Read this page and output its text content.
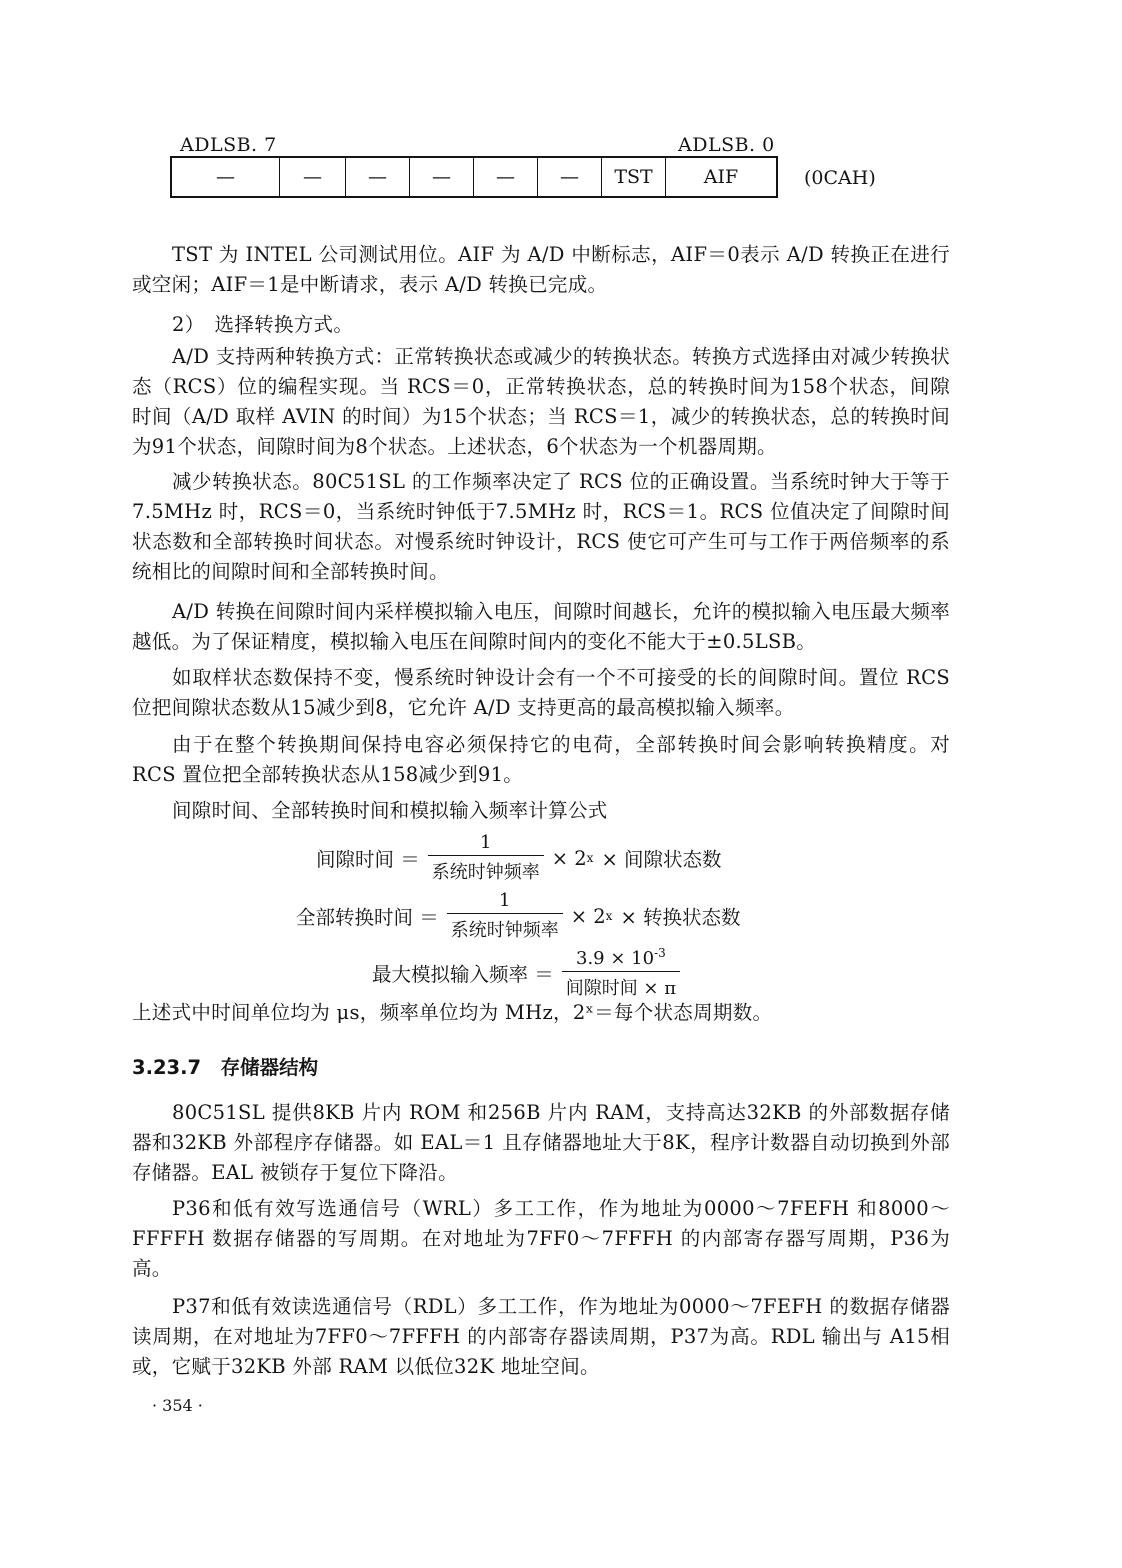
ADLSB. 7	ADLSB. 0
—	—	—	—	—	—	TST	AIF	(0CAH)
TST 为 INTEL 公司测试用位。AIF 为 A/D 中断标志，AIF＝0表示 A/D 转换正在进行或空闲；AIF＝1是中断请求，表示 A/D 转换已完成。
2）　选择转换方式。
A/D 支持两种转换方式：正常转换状态或减少的转换状态。转换方式选择由对减少转换状态（RCS）位的编程实现。当 RCS＝0，正常转换状态，总的转换时间为158个状态，间隙时间（A/D 取样 AVIN 的时间）为15个状态；当 RCS＝1，减少的转换状态，总的转换时间为91个状态，间隙时间为8个状态。上述状态，6个状态为一个机器周期。
减少转换状态。80C51SL 的工作频率决定了 RCS 位的正确设置。当系统时钟大于等于7.5MHz 时，RCS＝0，当系统时钟低于7.5MHz 时，RCS＝1。RCS 位值决定了间隙时间状态数和全部转换时间状态。对慢系统时钟设计，RCS 使它可产生可与工作于两倍频率的系统相比的间隙时间和全部转换时间。
A/D 转换在间隙时间内采样模拟输入电压，间隙时间越长，允许的模拟输入电压最大频率越低。为了保证精度，模拟输入电压在间隙时间内的变化不能大于±0.5LSB。
如取样状态数保持不变，慢系统时钟设计会有一个不可接受的长的间隙时间。置位 RCS 位把间隙状态数从15减少到8，它允许 A/D 支持更高的最高模拟输入频率。
由于在整个转换期间保持电容必须保持它的电荷，全部转换时间会影响转换精度。对 RCS 置位把全部转换状态从158减少到91。
间隙时间、全部转换时间和模拟输入频率计算公式
间隙时间 ＝ $\frac{1}{\text{系统时钟频率}} \times 2$ x × 间隙状态数
全部转换时间 ＝ $\frac{1}{\text{系统时钟频率}} \times 2$ x × 转换状态数
最大模拟输入频率 ＝ $\frac{3.9 \times 10^{-3}}{\text{间隙时间 × π}}$
上述式中时间单位均为 μs，频率单位均为 MHz，2ˣ＝每个状态周期数。
3.23.7　存储器结构
80C51SL 提供8KB 片内 ROM 和256B 片内 RAM，支持高达32KB 的外部数据存储器和32KB 外部程序存储器。如 EAL＝1 且存储器地址大于8K，程序计数器自动切换到外部存储器。EAL 被锁存于复位下降沿。
P36和低有效写选通信号（WRL）多工工作，作为地址为0000～7FEFH 和8000～FFFFH 数据存储器的写周期。在对地址为7FF0～7FFFH 的内部寄存器写周期，P36为高。
P37和低有效读选通信号（RDL）多工工作，作为地址为0000～7FEFH 的数据存储器读周期，在对地址为7FF0～7FFFH 的内部寄存器读周期，P37为高。RDL 输出与 A15相或，它赋于32KB 外部 RAM 以低位32K 地址空间。
· 354 ·
